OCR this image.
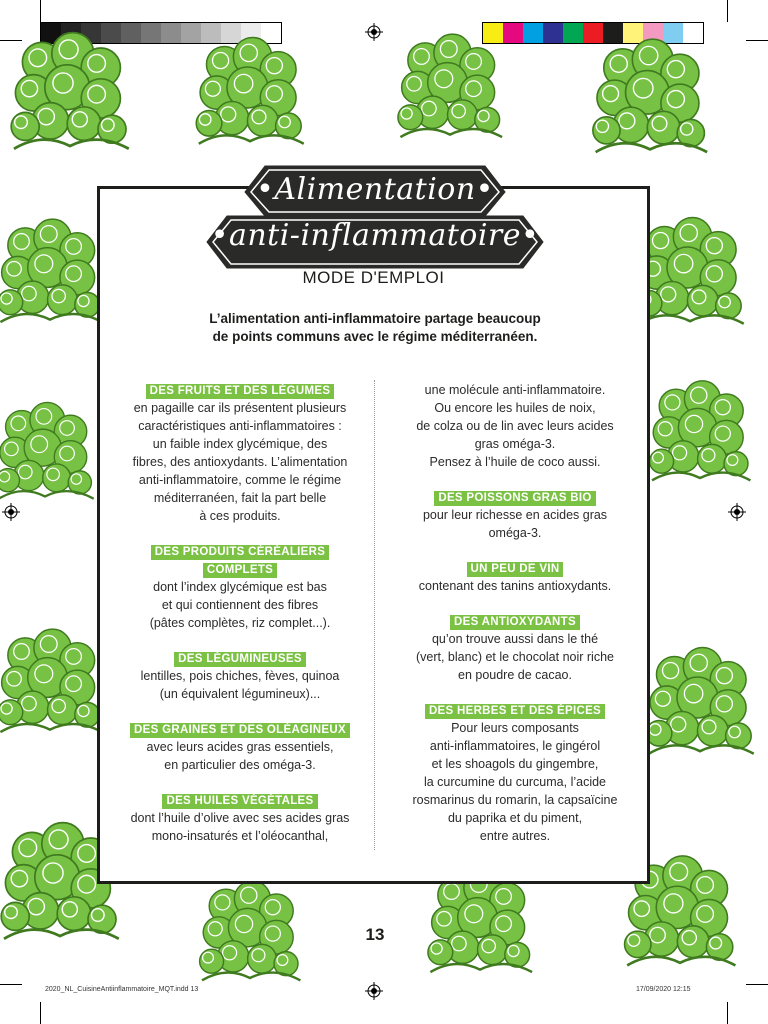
2020_NL_CuisineAntiinflammatoire_MQT.indd 13	17/09/2020 12:15
•Alimentation•
•anti-inflammatoire•
MODE D'EMPLOI
L’alimentation anti-inflammatoire partage beaucoup
de points communs avec le régime méditerranéen.
DES FRUITS ET DES LÉGUMES

en pagaille car ils présentent plusieurs
caractéristiques anti-inflammatoires :
un faible index glycémique, des
fibres, des antioxydants. L’alimentation
anti-inflammatoire, comme le régime
méditerranéen, fait la part belle
à ces produits.
DES PRODUITS CÉRÉALIERS
COMPLETS

dont l’index glycémique est bas
et qui contiennent des fibres
(pâtes complètes, riz complet...).
DES LÉGUMINEUSES

lentilles, pois chiches, fèves, quinoa
(un équivalent légumineux)...
DES GRAINES ET DES OLÉAGINEUX

avec leurs acides gras essentiels,
en particulier des oméga-3.
DES HUILES VÉGÉTALES

dont l’huile d’olive avec ses acides gras
mono-insaturés et l’oléocanthal,
une molécule anti-inflammatoire.
Ou encore les huiles de noix,
de colza ou de lin avec leurs acides
gras oméga-3.
Pensez à l’huile de coco aussi.
DES POISSONS GRAS BIO

pour leur richesse en acides gras
oméga-3.
UN PEU DE VIN

contenant des tanins antioxydants.
DES ANTIOXYDANTS

qu’on trouve aussi dans le thé
(vert, blanc) et le chocolat noir riche
en poudre de cacao.
DES HERBES ET DES ÉPICES

Pour leurs composants
anti-inflammatoires, le gingérol
et les shoagols du gingembre,
la curcumine du curcuma, l’acide
rosmarinus du romarin, la capsaïcine
du paprika et du piment,
entre autres.
13
